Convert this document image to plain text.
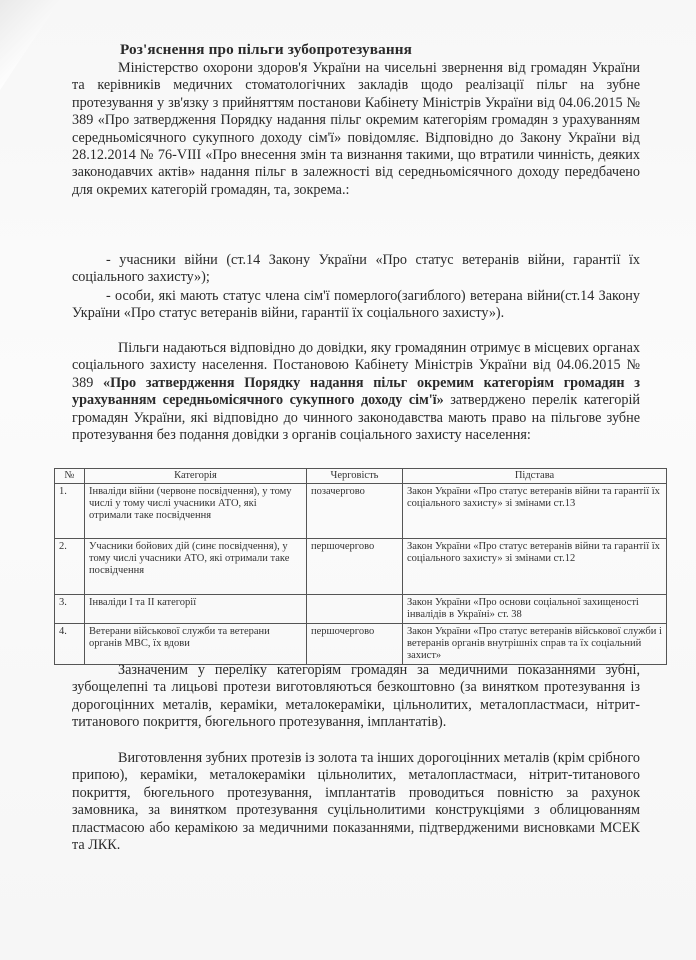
Роз'яснення про пільги зубопротезування

Міністерство охорони здоров'я України на чисельні звернення від громадян України та керівників медичних стоматологічних закладів щодо реалізації пільг на зубне протезування у зв'язку з прийняттям постанови Кабінету Міністрів України від 04.06.2015 № 389 «Про затвердження Порядку надання пільг окремим категоріям громадян з урахуванням середньомісячного сукупного доходу сім'ї» повідомляє. Відповідно до Закону України від 28.12.2014 № 76-VIII «Про внесення змін та визнання такими, що втратили чинність, деяких законодавчих актів» надання пільг в залежності від середньомісячного доходу передбачено для окремих категорій громадян, та, зокрема.:

- учасники війни (ст.14 Закону України «Про статус ветеранів війни, гарантії їх соціального захисту»);

- особи, які мають статус члена сім'ї померлого(загиблого) ветерана війни(ст.14 Закону України «Про статус ветеранів війни, гарантії їх соціального захисту»).

Пільги надаються відповідно до довідки, яку громадянин отримує в місцевих органах соціального захисту населення. Постановою Кабінету Міністрів України від 04.06.2015 № 389 «Про затвердження Порядку надання пільг окремим категоріям громадян з урахуванням середньомісячного сукупного доходу сім'ї» затверджено перелік категорій громадян України, які відповідно до чинного законодавства мають право на пільгове зубне протезування без подання довідки з органів соціального захисту населення:

№	Категорія	Черговість	Підстава
1.	Інваліди війни (червоне посвідчення), у тому числі у тому числі учасники АТО, які отримали таке посвідчення	позачергово	Закон України «Про статус ветеранів війни та гарантії їх соціального захисту» зі змінами ст.13
2.	Учасники бойових дій (синє посвідчення), у тому числі учасники АТО, які отримали таке посвідчення	першочергово	Закон України «Про статус ветеранів війни та гарантії їх соціального захисту» зі змінами ст.12
3.	Інваліди І та ІІ категорії		Закон України «Про основи соціальної захищеності інвалідів в Україні» ст. 38
4.	Ветерани військової служби та ветерани органів МВС, їх вдови	першочергово	Закон України «Про статус ветеранів військової служби і ветеранів органів внутрішніх справ та їх соціальний захист»

Зазначеним у переліку категоріям громадян за медичними показаннями зубні, зубощелепні та лицьові протези виготовляються безкоштовно (за винятком протезування із дорогоцінних металів, кераміки, металокераміки, цільнолитих, металопластмаси, нітрит-титанового покриття, бюгельного протезування, імплантатів).

Виготовлення зубних протезів із золота та інших дорогоцінних металів (крім срібного припою), кераміки, металокераміки цільнолитих, металопластмаси, нітрит-титанового покриття, бюгельного протезування, імплантатів проводиться повністю за рахунок замовника, за винятком протезування суцільнолитими конструкціями з облицюванням пластмасою або керамікою за медичними показаннями, підтвердженими висновками МСЕК та ЛКК.
